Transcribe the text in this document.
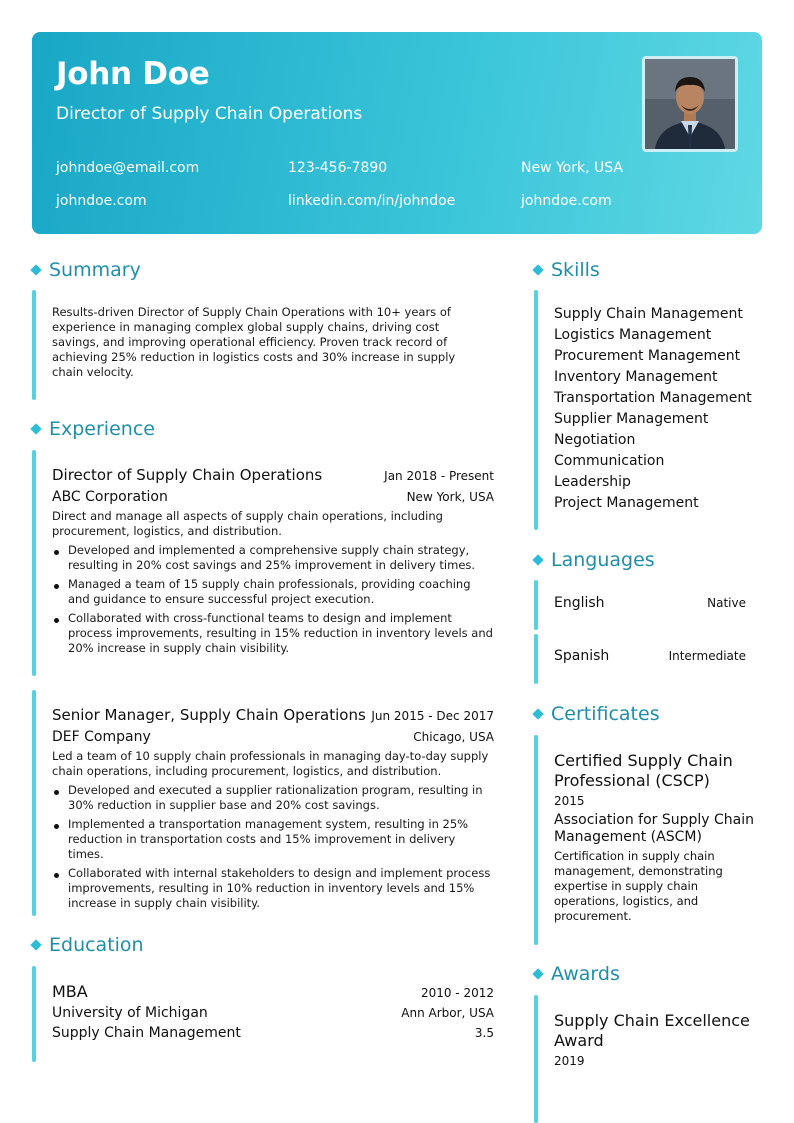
John Doe
Director of Supply Chain Operations
johndoe@email.com	123-456-7890	New York, USA
johndoe.com	linkedin.com/in/johndoe	johndoe.com
Summary
Results-driven Director of Supply Chain Operations with 10+ years of experience in managing complex global supply chains, driving cost savings, and improving operational efficiency. Proven track record of achieving 25% reduction in logistics costs and 30% increase in supply chain velocity.
Experience
Director of Supply Chain Operations	Jan 2018 - Present
ABC Corporation	New York, USA
Direct and manage all aspects of supply chain operations, including procurement, logistics, and distribution.
Developed and implemented a comprehensive supply chain strategy, resulting in 20% cost savings and 25% improvement in delivery times.
Managed a team of 15 supply chain professionals, providing coaching and guidance to ensure successful project execution.
Collaborated with cross-functional teams to design and implement process improvements, resulting in 15% reduction in inventory levels and 20% increase in supply chain visibility.
Senior Manager, Supply Chain Operations Jun 2015 - Dec 2017
DEF Company	Chicago, USA
Led a team of 10 supply chain professionals in managing day-to-day supply chain operations, including procurement, logistics, and distribution.
Developed and executed a supplier rationalization program, resulting in 30% reduction in supplier base and 20% cost savings.
Implemented a transportation management system, resulting in 25% reduction in transportation costs and 15% improvement in delivery times.
Collaborated with internal stakeholders to design and implement process improvements, resulting in 10% reduction in inventory levels and 15% increase in supply chain visibility.
Education
MBA	2010 - 2012
University of Michigan	Ann Arbor, USA
Supply Chain Management	3.5
Skills
Supply Chain Management
Logistics Management
Procurement Management
Inventory Management
Transportation Management
Supplier Management
Negotiation
Communication
Leadership
Project Management
Languages
English	Native
Spanish	Intermediate
Certificates
Certified Supply Chain Professional (CSCP)
2015
Association for Supply Chain Management (ASCM)
Certification in supply chain management, demonstrating expertise in supply chain operations, logistics, and procurement.
Awards
Supply Chain Excellence Award
2019
